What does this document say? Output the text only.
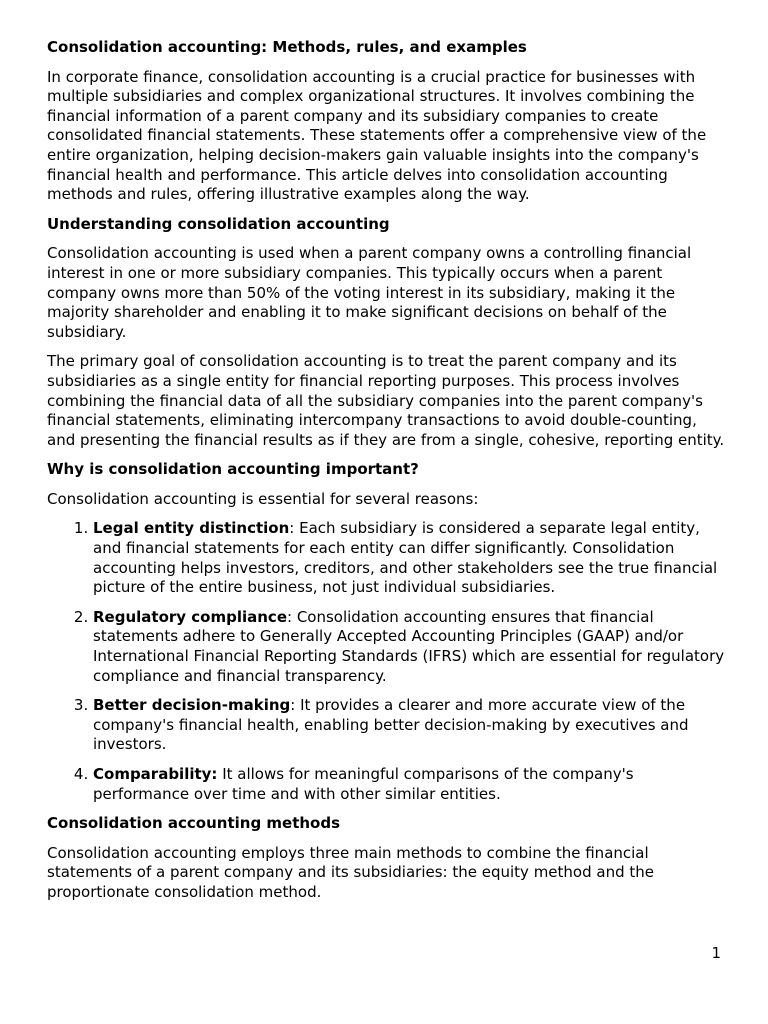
Consolidation accounting: Methods, rules, and examples

In corporate finance, consolidation accounting is a crucial practice for businesses with multiple subsidiaries and complex organizational structures. It involves combining the financial information of a parent company and its subsidiary companies to create consolidated financial statements. These statements offer a comprehensive view of the entire organization, helping decision-makers gain valuable insights into the company's financial health and performance. This article delves into consolidation accounting methods and rules, offering illustrative examples along the way.

Understanding consolidation accounting

Consolidation accounting is used when a parent company owns a controlling financial interest in one or more subsidiary companies. This typically occurs when a parent company owns more than 50% of the voting interest in its subsidiary, making it the majority shareholder and enabling it to make significant decisions on behalf of the subsidiary.

The primary goal of consolidation accounting is to treat the parent company and its subsidiaries as a single entity for financial reporting purposes. This process involves combining the financial data of all the subsidiary companies into the parent company's financial statements, eliminating intercompany transactions to avoid double-counting, and presenting the financial results as if they are from a single, cohesive, reporting entity.

Why is consolidation accounting important?

Consolidation accounting is essential for several reasons:

1. Legal entity distinction: Each subsidiary is considered a separate legal entity, and financial statements for each entity can differ significantly. Consolidation accounting helps investors, creditors, and other stakeholders see the true financial picture of the entire business, not just individual subsidiaries.
2. Regulatory compliance: Consolidation accounting ensures that financial statements adhere to Generally Accepted Accounting Principles (GAAP) and/or International Financial Reporting Standards (IFRS) which are essential for regulatory compliance and financial transparency.
3. Better decision-making: It provides a clearer and more accurate view of the company's financial health, enabling better decision-making by executives and investors.
4. Comparability: It allows for meaningful comparisons of the company's performance over time and with other similar entities.
Consolidation accounting methods

Consolidation accounting employs three main methods to combine the financial statements of a parent company and its subsidiaries: the equity method and the proportionate consolidation method.

1
